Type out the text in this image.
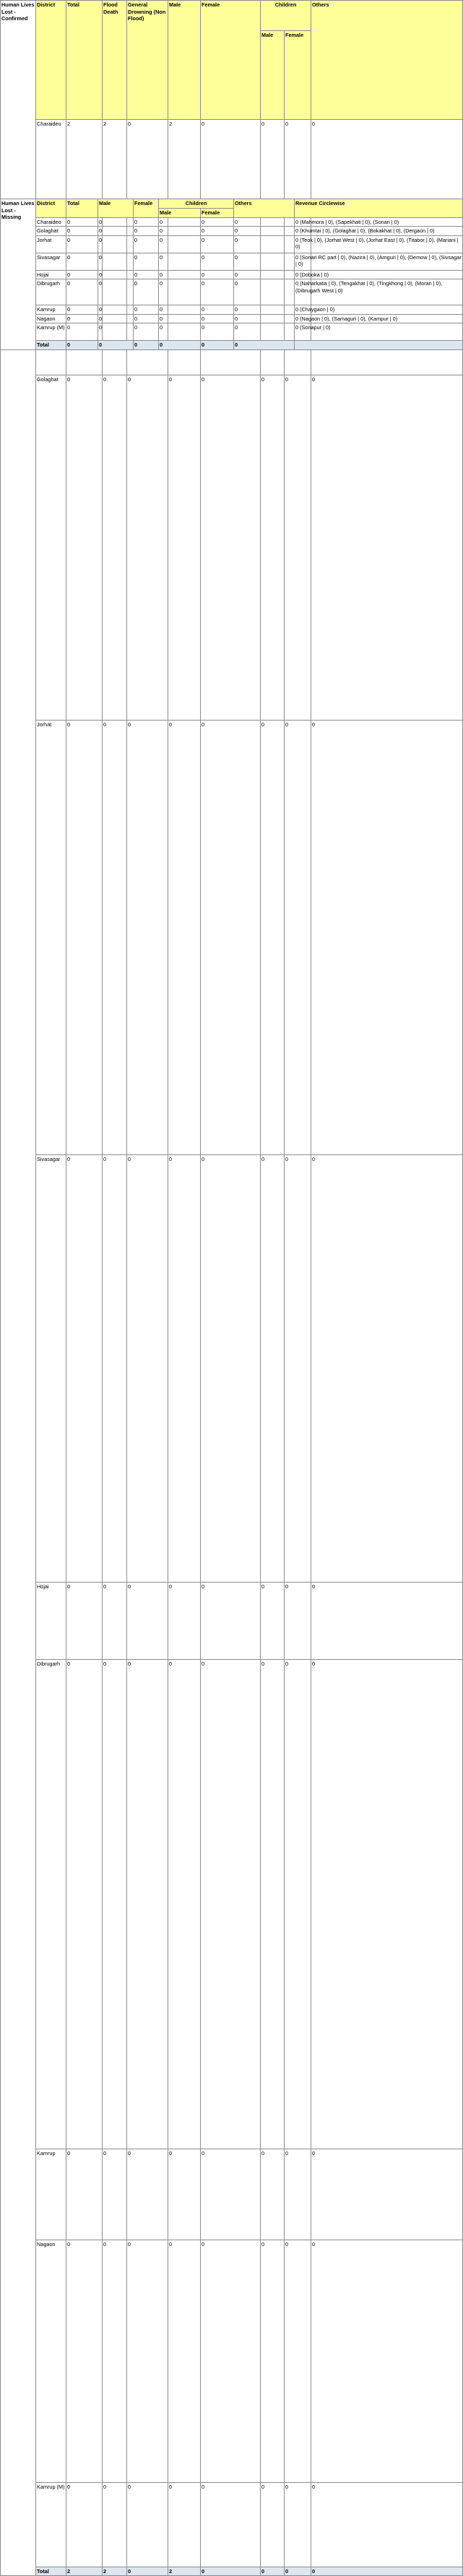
Human Lives Lost - Confirmed	District	Total	Flood Death	General Drowning (Non Flood)	Male	Female	Children		Others	
							Male	Female		
	Charaideo	2	2	0	2	0	0	0	0	
	Golaghat	0	0	0	0	0	0	0	0	
	Jorhat	0	0	0	0	0	0	0	0	
	Sivasagar	0	0	0	0	0	0	0	0	
	Hojai	0	0	0	0	0	0	0	0	
	Dibrugarh	0	0	0	0	0	0	0	0	
	Kamrup	0	0	0	0	0	0	0	0	
	Nagaon	0	0	0	0	0	0	0	0	
	Kamrup (M)	0	0	0	0	0	0	0	0	
	Total	2	2	0	2	0	0	0	0	
Human Lives Lost - Missing	District	Total	Male	Female	Children		Others	Revenue Circlewise
					Male	Female		
	Charaideo	0	0	0	0	0	0	0 (Mahmora | 0), (Sapekhati | 0), (Sonari | 0)
	Golaghat	0	0	0	0	0	0	0 (Khumtai | 0), (Golaghat | 0), (Bokakhat | 0), (Dergaon | 0)
	Jorhat	0	0	0	0	0	0	0 (Teok | 0), (Jorhat West | 0), (Jorhat East | 0), (Titabor | 0), (Mariani | 0)
	Sivasagar	0	0	0	0	0	0	0 (Sonari RC part | 0), (Nazira | 0), (Amguri | 0), (Demow | 0), (Sivsagar | 0)
	Hojai	0	0	0	0	0	0	0 (Doboka | 0)
	Dibrugarh	0	0	0	0	0	0	0 (Naharkatia | 0), (Tengakhat | 0), (Tingkhong | 0), (Moran | 0), (Dibrugarh West | 0)
	Kamrup	0	0	0	0	0	0	0 (Chaygaon | 0)
	Nagaon	0	0	0	0	0	0	0 (Nagaon | 0), (Samaguri | 0), (Kampur | 0)
	Kamrup (M)	0	0	0	0	0	0	0 (Sonapur | 0)
	Total	0	0	0	0	0	0	
